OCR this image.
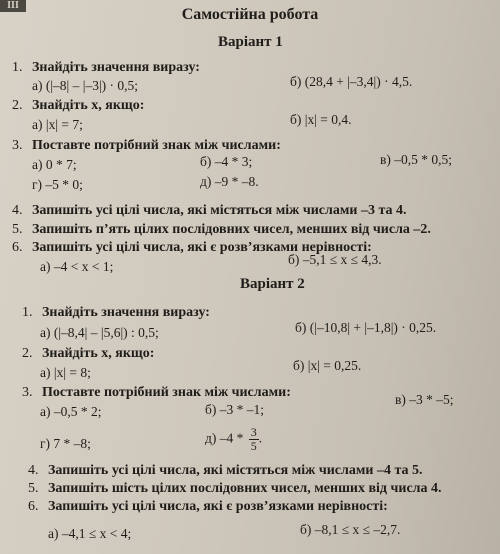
ІІІ
Самостійна робота
Варіант 1
1. Знайдіть значення виразу:
а) (|–8| – |–3|) · 0,5;	б) (28,4 + |–3,4|) · 4,5.
2. Знайдіть x, якщо:
а) |x| = 7;	б) |x| = 0,4.
3. Поставте потрібний знак між числами:
а) 0 * 7;	б) –4 * 3;	в) –0,5 * 0,5;
г) –5 * 0;	д) –9 * –8.
4. Запишіть усі цілі числа, які містяться між числами –3 та 4.
5. Запишіть п’ять цілих послідовних чисел, менших від числа –2.
6. Запишіть усі цілі числа, які є розв’язками нерівності:
а) –4 < x < 1;	б) –5,1 ≤ x ≤ 4,3.
Варіант 2
1. Знайдіть значення виразу:
а) (|–8,4| – |5,6|) : 0,5;	б) (|–10,8| + |–1,8|) · 0,25.
2. Знайдіть x, якщо:
а) |x| = 8;	б) |x| = 0,25.
3. Поставте потрібний знак між числами:
а) –0,5 * 2;	б) –3 * –1;
в) –3 * –5;
г) 7 * –8;	д) $-4 * \frac{3}{5}$ .
4. Запишіть усі цілі числа, які містяться між числами –4 та 5.
5. Запишіть шість цілих послідовних чисел, менших від числа 4.
6. Запишіть усі цілі числа, які є розв’язками нерівності:
а) –4,1 ≤ x < 4;	б) –8,1 ≤ x ≤ –2,7.
